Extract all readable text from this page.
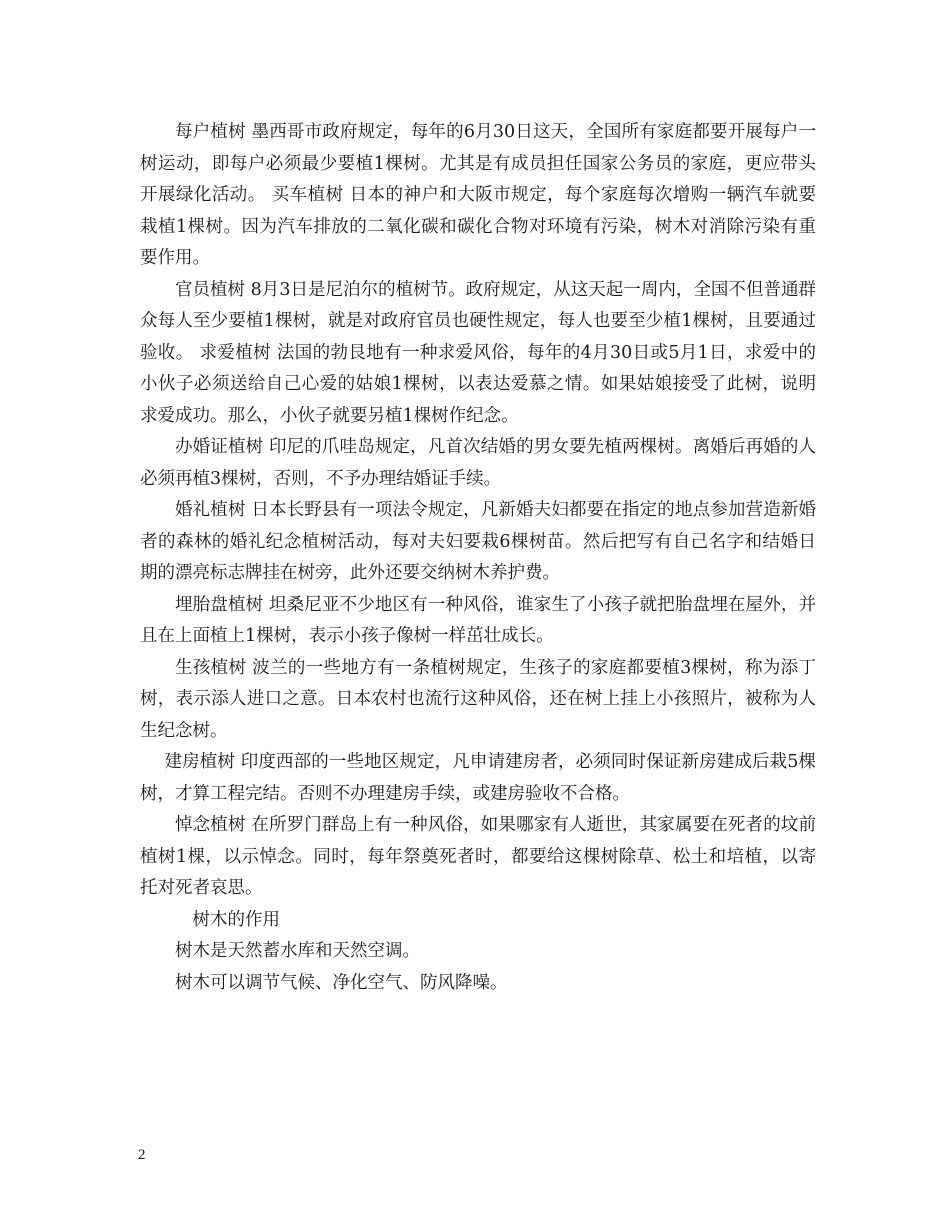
每户植树 墨西哥市政府规定，每年的6月30日这天，全国所有家庭都要开展每户一树运动，即每户必须最少要植1棵树。尤其是有成员担任国家公务员的家庭，更应带头开展绿化活动。 买车植树 日本的神户和大阪市规定，每个家庭每次增购一辆汽车就要栽植1棵树。因为汽车排放的二氧化碳和碳化合物对环境有污染，树木对消除污染有重要作用。

官员植树 8月3日是尼泊尔的植树节。政府规定，从这天起一周内，全国不但普通群众每人至少要植1棵树，就是对政府官员也硬性规定，每人也要至少植1棵树，且要通过验收。 求爱植树 法国的勃艮地有一种求爱风俗，每年的4月30日或5月1日，求爱中的小伙子必须送给自己心爱的姑娘1棵树，以表达爱慕之情。如果姑娘接受了此树，说明求爱成功。那么，小伙子就要另植1棵树作纪念。

办婚证植树 印尼的爪哇岛规定，凡首次结婚的男女要先植两棵树。离婚后再婚的人必须再植3棵树，否则，不予办理结婚证手续。

婚礼植树 日本长野县有一项法令规定，凡新婚夫妇都要在指定的地点参加营造新婚者的森林的婚礼纪念植树活动，每对夫妇要栽6棵树苗。然后把写有自己名字和结婚日期的漂亮标志牌挂在树旁，此外还要交纳树木养护费。

埋胎盘植树 坦桑尼亚不少地区有一种风俗，谁家生了小孩子就把胎盘埋在屋外，并且在上面植上1棵树，表示小孩子像树一样茁壮成长。

生孩植树 波兰的一些地方有一条植树规定，生孩子的家庭都要植3棵树，称为添丁树，表示添人进口之意。日本农村也流行这种风俗，还在树上挂上小孩照片，被称为人生纪念树。

建房植树 印度西部的一些地区规定，凡申请建房者，必须同时保证新房建成后栽5棵树，才算工程完结。否则不办理建房手续，或建房验收不合格。

悼念植树 在所罗门群岛上有一种风俗，如果哪家有人逝世，其家属要在死者的坟前植树1棵，以示悼念。同时，每年祭奠死者时，都要给这棵树除草、松土和培植，以寄托对死者哀思。

树木的作用

树木是天然蓄水库和天然空调。

树木可以调节气候、净化空气、防风降噪。

2
